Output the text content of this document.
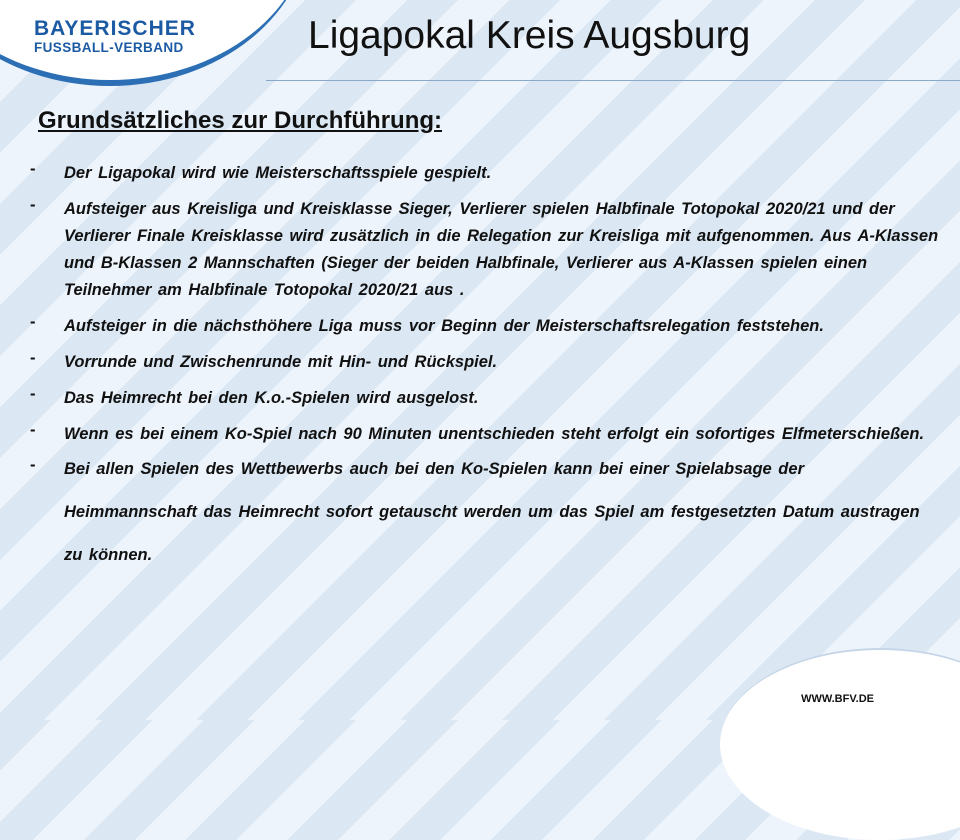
BAYERISCHER
FUSSBALL-VERBAND	Ligapokal Kreis Augsburg
Grundsätzliches zur Durchführung:
- Der Ligapokal wird wie Meisterschaftsspiele gespielt.
- Aufsteiger aus Kreisliga und Kreisklasse Sieger, Verlierer spielen Halbfinale Totopokal 2020/21 und der Verlierer Finale Kreisklasse wird zusätzlich in die Relegation zur Kreisliga mit aufgenommen. Aus A-Klassen und B-Klassen 2 Mannschaften (Sieger der beiden Halbfinale, Verlierer aus A-Klassen spielen einen Teilnehmer am Halbfinale Totopokal 2020/21 aus .
- Aufsteiger in die nächsthöhere Liga muss vor Beginn der Meisterschaftsrelegation feststehen.
- Vorrunde und Zwischenrunde mit Hin- und Rückspiel.
- Das Heimrecht bei den K.o.-Spielen wird ausgelost.
- Wenn es bei einem Ko-Spiel nach 90 Minuten unentschieden steht erfolgt ein sofortiges Elfmeterschießen.
- Bei allen Spielen des Wettbewerbs auch bei den Ko-Spielen kann bei einer Spielabsage der Heimmannschaft das Heimrecht sofort getauscht werden um das Spiel am festgesetzten Datum austragen zu können.
WWW.BFV.DE
